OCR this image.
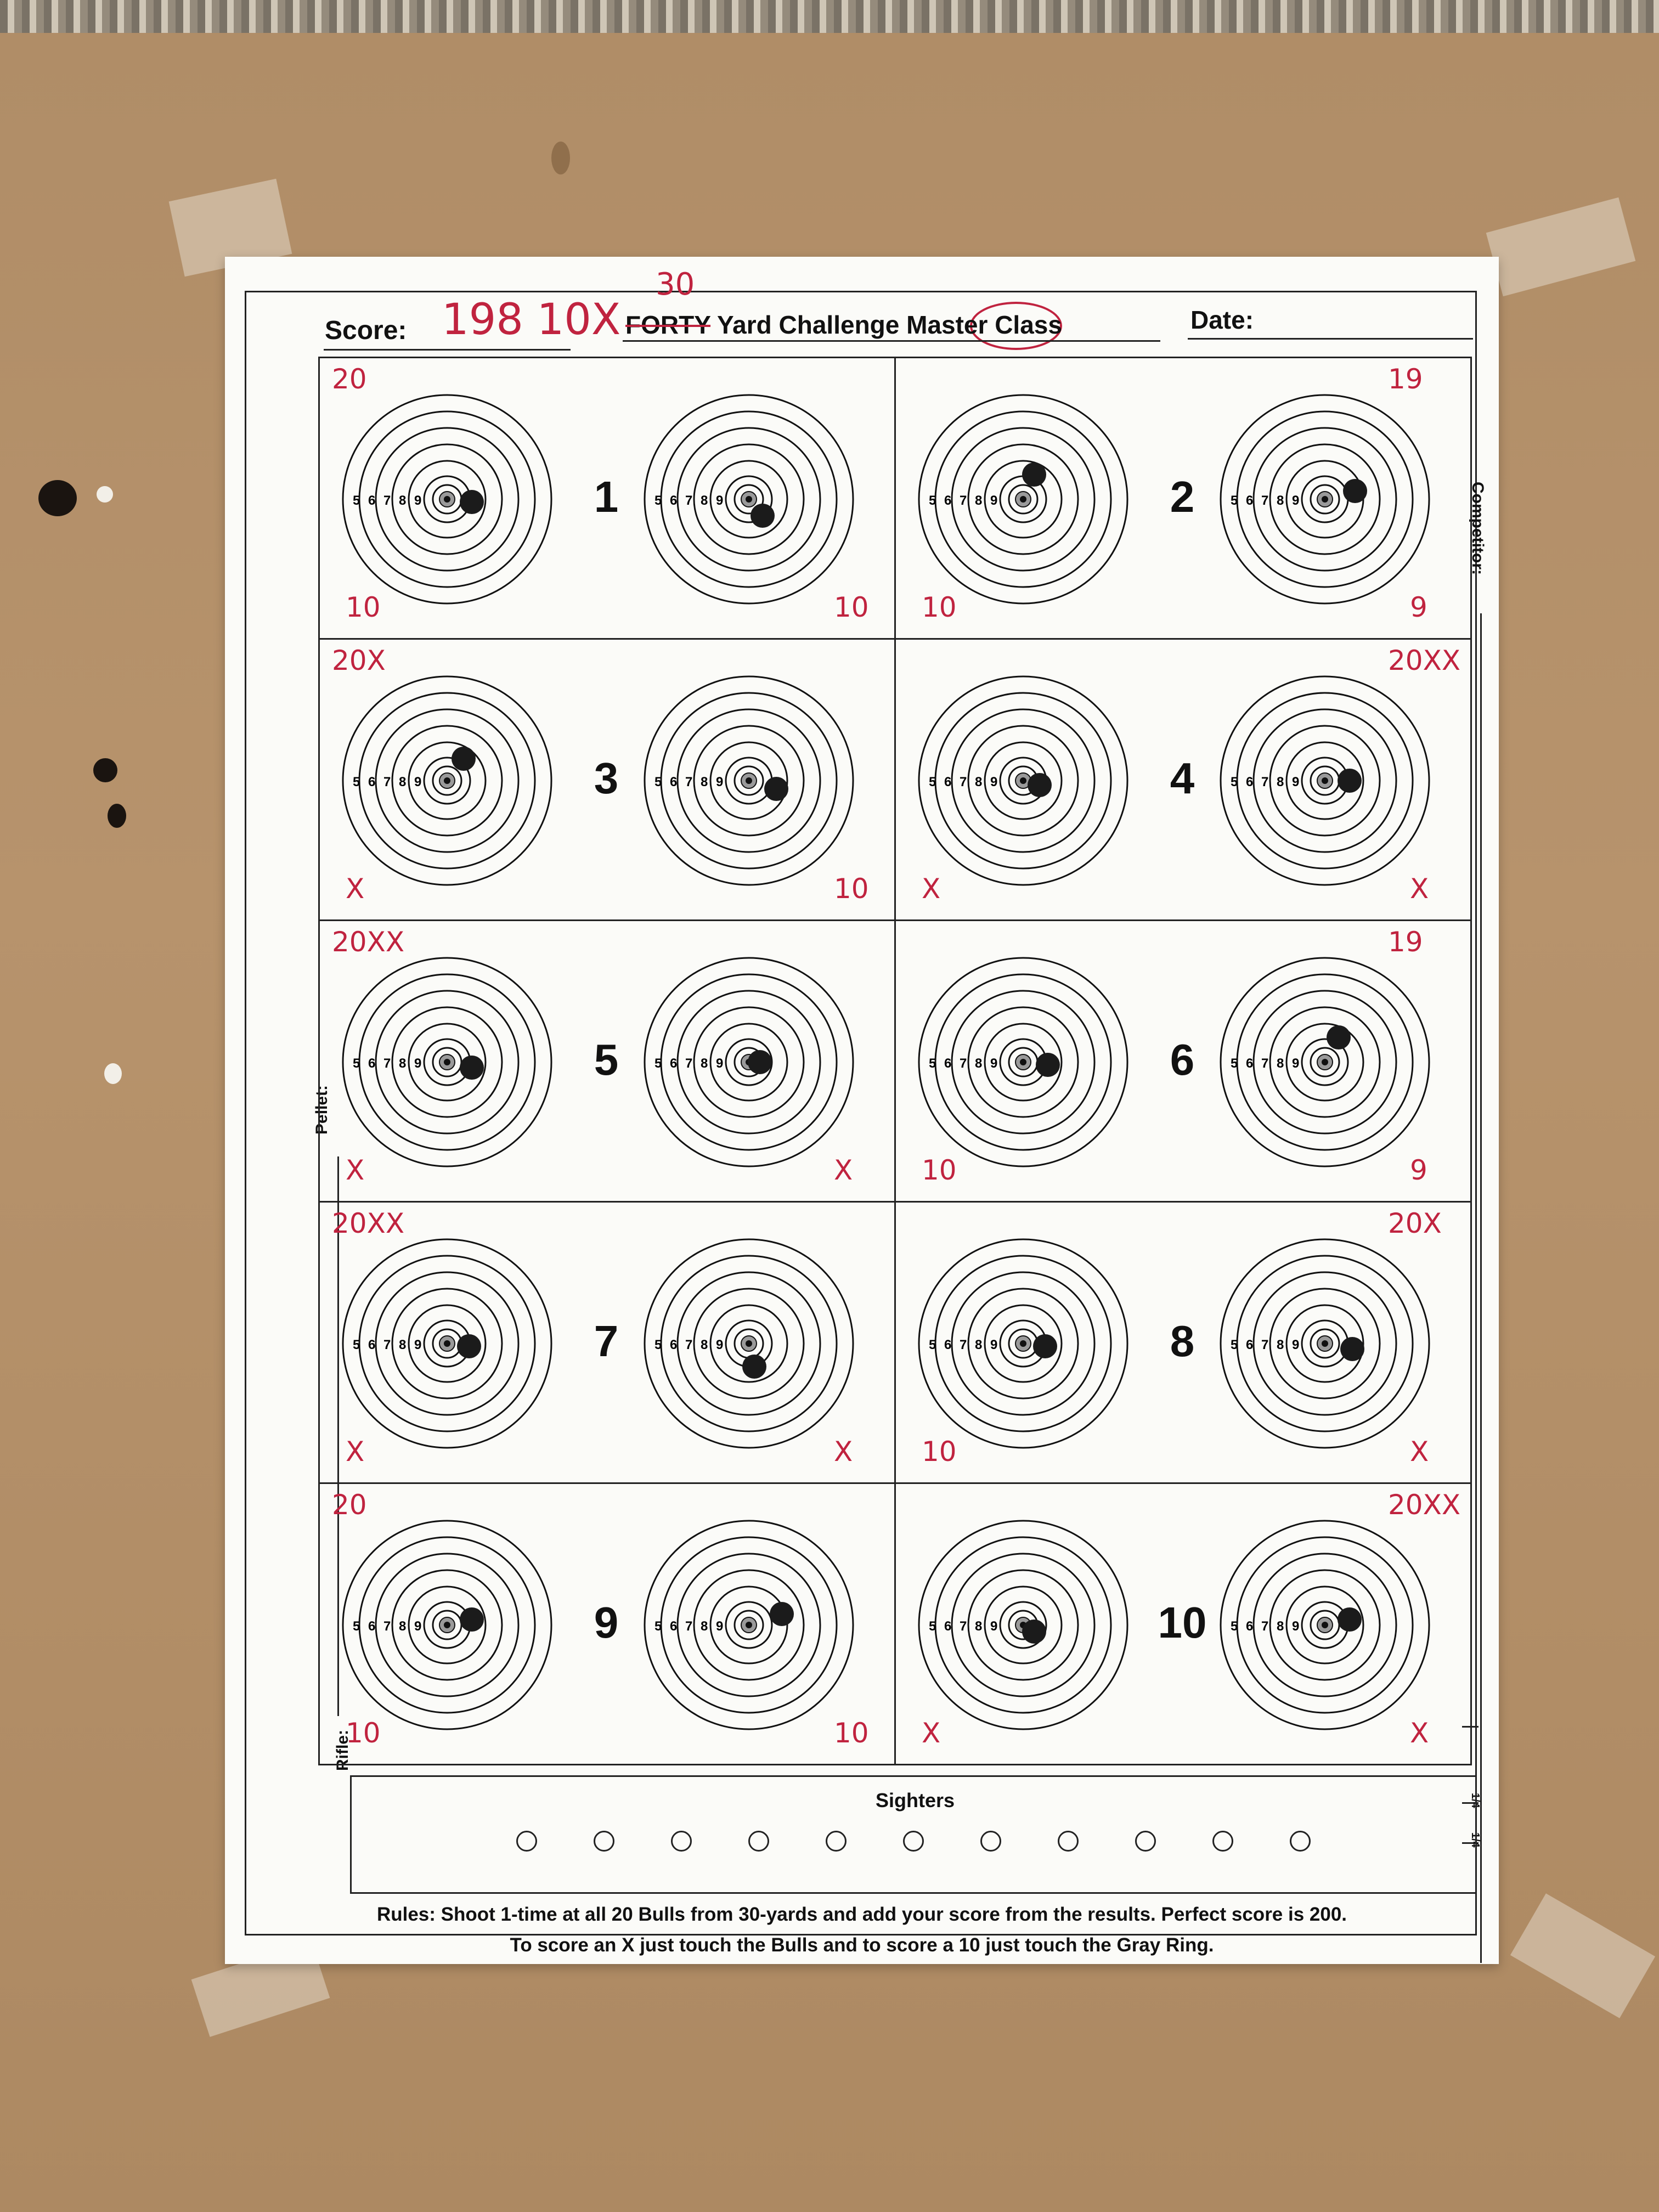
Score: 198 10X
30
FORTY Yard Challenge Master Class	Date:
Competitor:
Pellet:
Rifle:
1/4
1/4
5 6 7 8 9	5 6 7 8 9
1
20
10	10
5 6 7 8 9	5 6 7 8 9
2
19
10	9
5 6 7 8 9	5 6 7 8 9
3
20X
X	10
5 6 7 8 9	5 6 7 8 9
4
20XX
X	X
5 6 7 8 9	5 6 7 8 9
5
20XX
X	X
5 6 7 8 9	5 6 7 8 9
6
19
10	9
5 6 7 8 9	5 6 7 8 9
7
20XX
X	X
5 6 7 8 9	5 6 7 8 9
8
20X
10	X
5 6 7 8 9	5 6 7 8 9
9
20
10	10
5 6 7 8 9	5 6 7 8 9
10
20XX
X	X
Sighters
Rules: Shoot 1-time at all 20 Bulls from 30-yards and add your score from the results. Perfect score is 200.
To score an X just touch the Bulls and to score a 10 just touch the Gray Ring.
